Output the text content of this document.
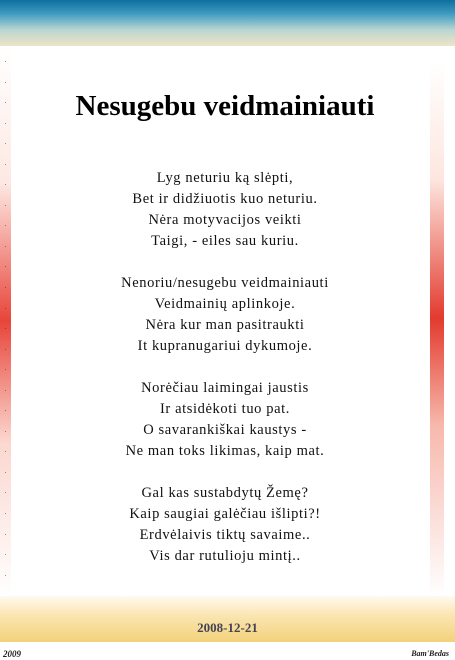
·
·
·
·
·
·
·
·
·
·
·
·
·
·
·
·
·
·
·
·
·
·
·
·
·
·
Nesugebu veidmainiauti
Lyg neturiu ką slėpti,
Bet ir didžiuotis kuo neturiu.
Nėra motyvacijos veikti
Taigi, - eiles sau kuriu.
Nenoriu/nesugebu veidmainiauti
Veidmainių aplinkoje.
Nėra kur man pasitraukti
It kupranugariui dykumoje.
Norėčiau laimingai jaustis
Ir atsidėkoti tuo pat.
O savarankiškai kaustys -
Ne man toks likimas, kaip mat.
Gal kas sustabdytų Žemę?
Kaip saugiai galėčiau išlipti?!
Erdvėlaivis tiktų savaime..
Vis dar rutulioju mintį..
2008-12-21
2009	Bam'Bedas
